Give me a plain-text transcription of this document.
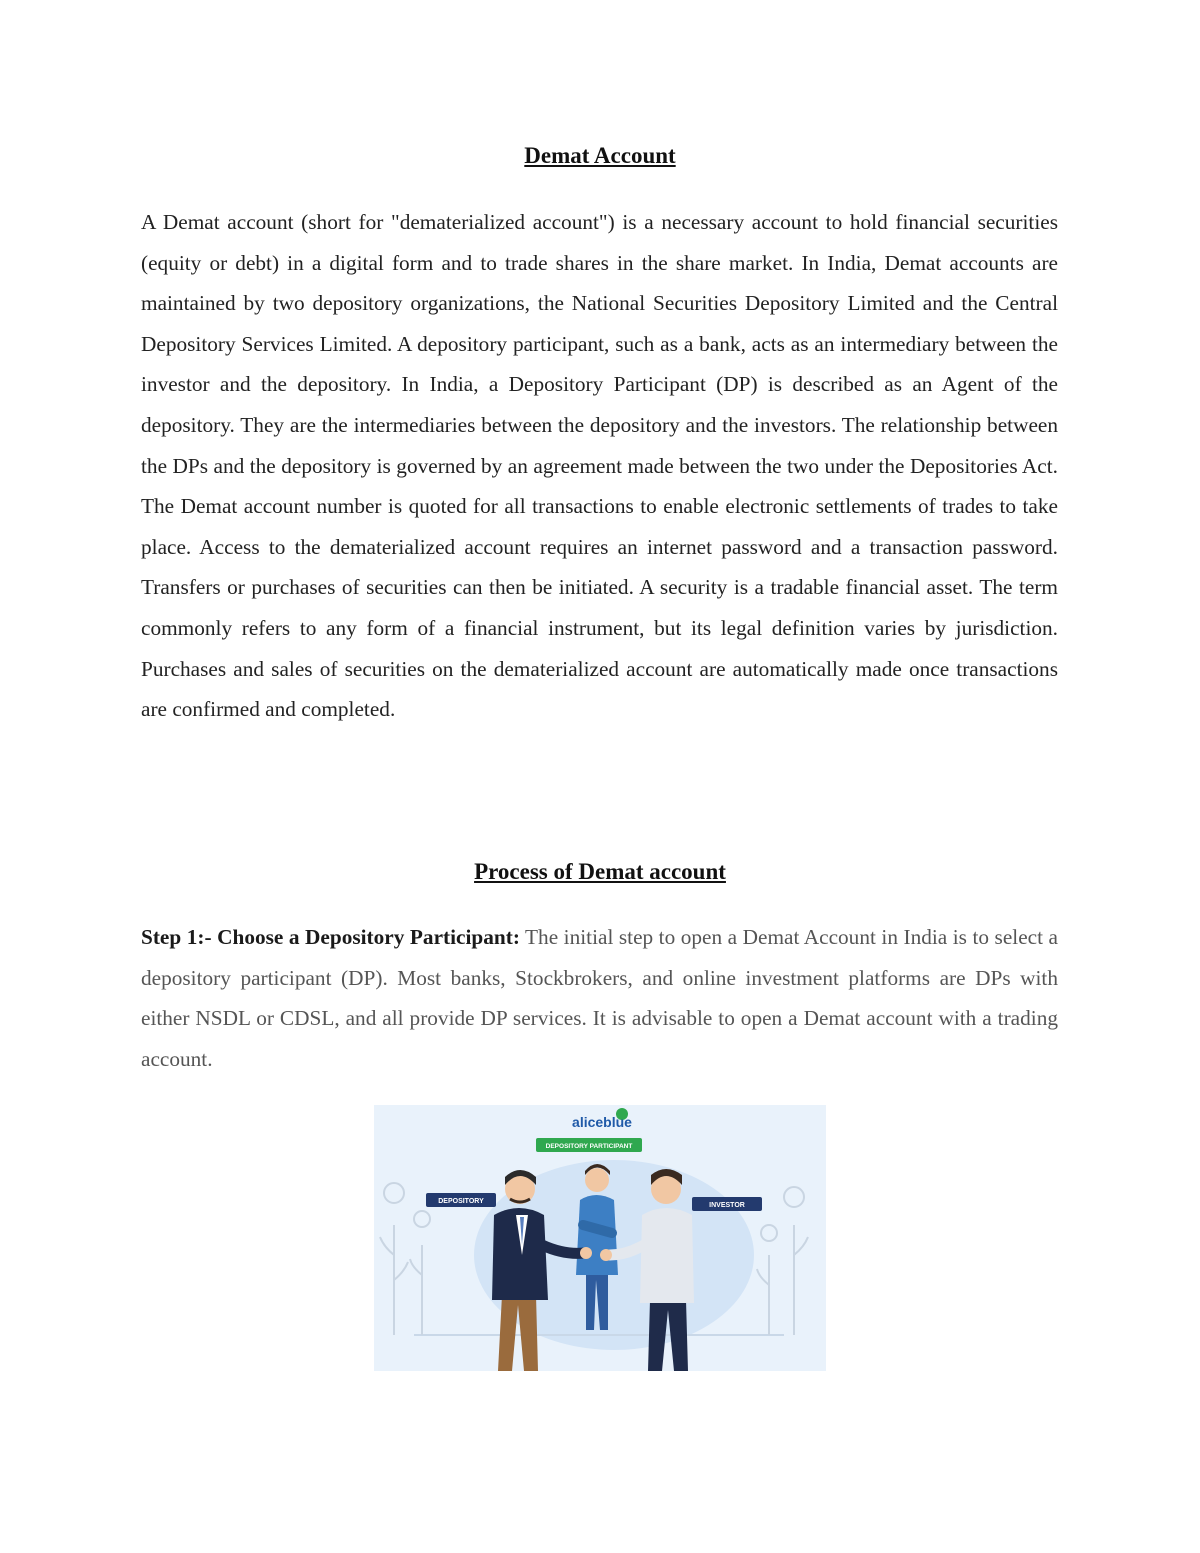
Demat Account

A Demat account (short for "dematerialized account") is a necessary account to hold financial securities (equity or debt) in a digital form and to trade shares in the share market. In India, Demat accounts are maintained by two depository organizations, the National Securities Depository Limited and the Central Depository Services Limited. A depository participant, such as a bank, acts as an intermediary between the investor and the depository. In India, a Depository Participant (DP) is described as an Agent of the depository. They are the intermediaries between the depository and the investors. The relationship between the DPs and the depository is governed by an agreement made between the two under the Depositories Act. The Demat account number is quoted for all transactions to enable electronic settlements of trades to take place. Access to the dematerialized account requires an internet password and a transaction password. Transfers or purchases of securities can then be initiated. A security is a tradable financial asset. The term commonly refers to any form of a financial instrument, but its legal definition varies by jurisdiction. Purchases and sales of securities on the dematerialized account are automatically made once transactions are confirmed and completed.

Process of Demat account

Step 1:- Choose a Depository Participant: The initial step to open a Demat Account in India is to select a depository participant (DP). Most banks, Stockbrokers, and online investment platforms are DPs with either NSDL or CDSL, and all provide DP services. It is advisable to open a Demat account with a trading account.

aliceblue
DEPOSITORY PARTICIPANT
DEPOSITORY
INVESTOR
